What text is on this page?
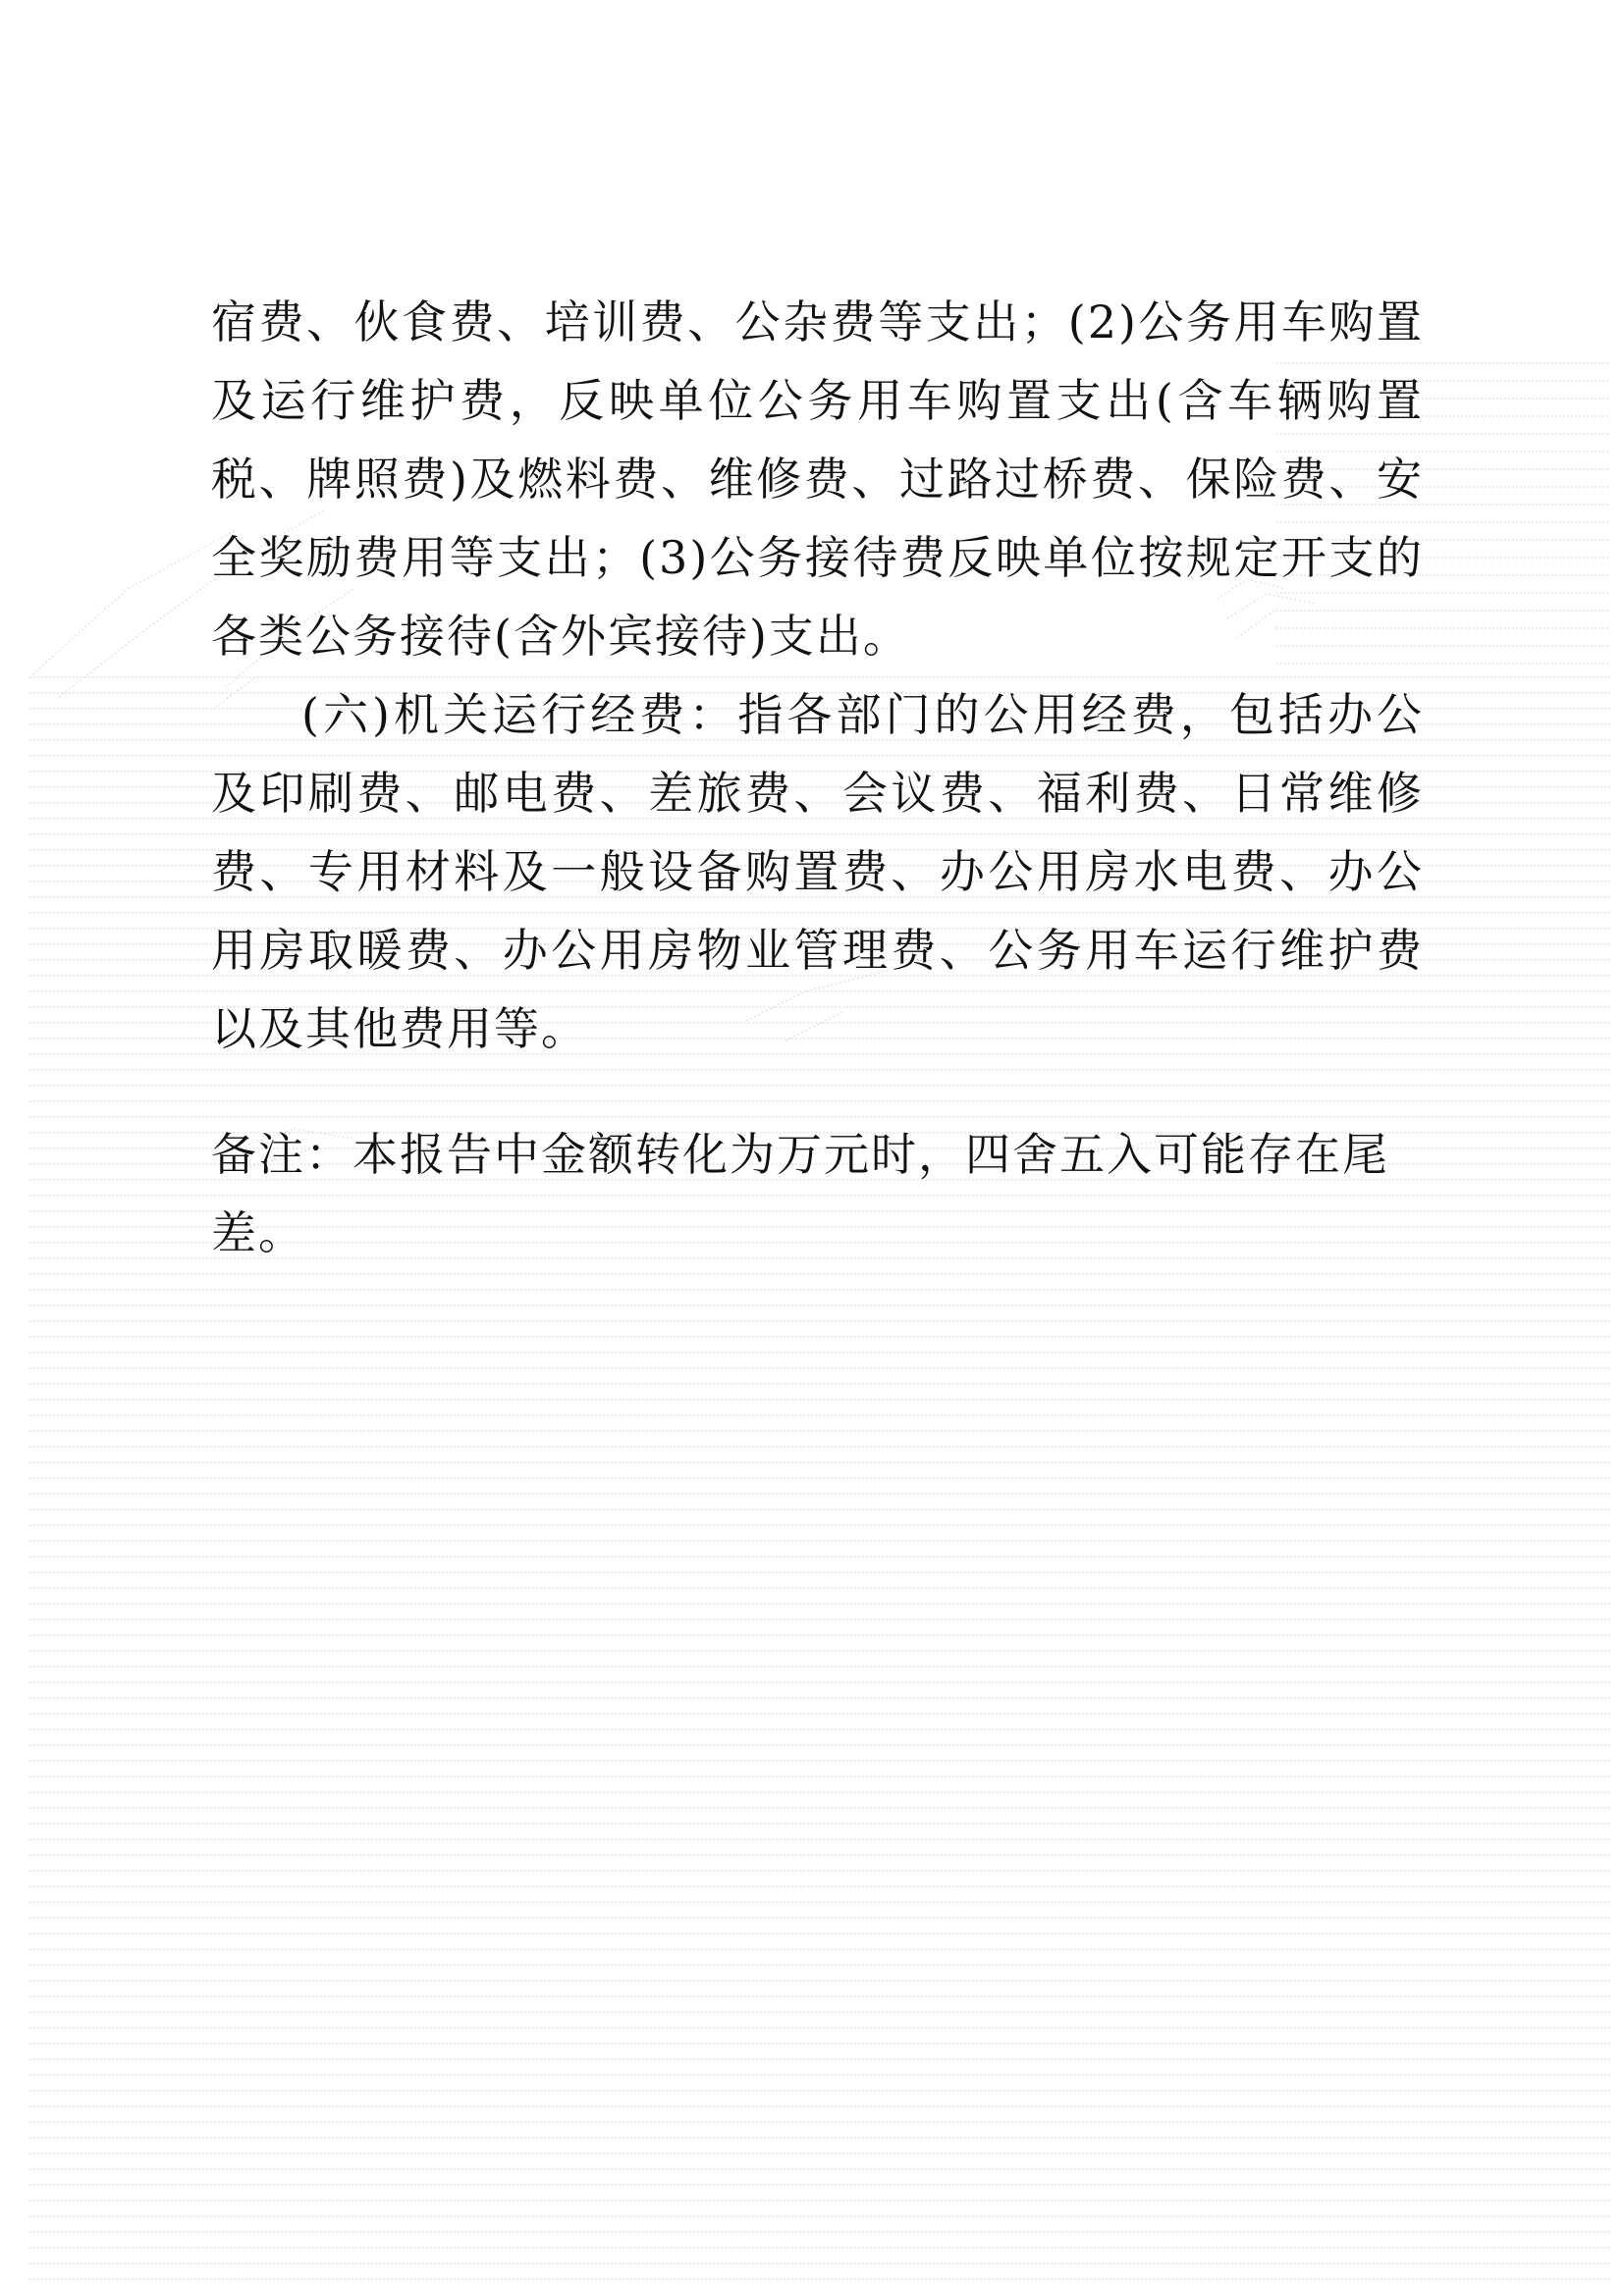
宿费、伙食费、培训费、公杂费等支出；(2)公务用车购置及运行维护费，反映单位公务用车购置支出(含车辆购置税、牌照费)及燃料费、维修费、过路过桥费、保险费、安全奖励费用等支出；(3)公务接待费反映单位按规定开支的各类公务接待(含外宾接待)支出。

(六)机关运行经费：指各部门的公用经费，包括办公及印刷费、邮电费、差旅费、会议费、福利费、日常维修费、专用材料及一般设备购置费、办公用房水电费、办公用房取暖费、办公用房物业管理费、公务用车运行维护费以及其他费用等。

备注：本报告中金额转化为万元时，四舍五入可能存在尾差。
